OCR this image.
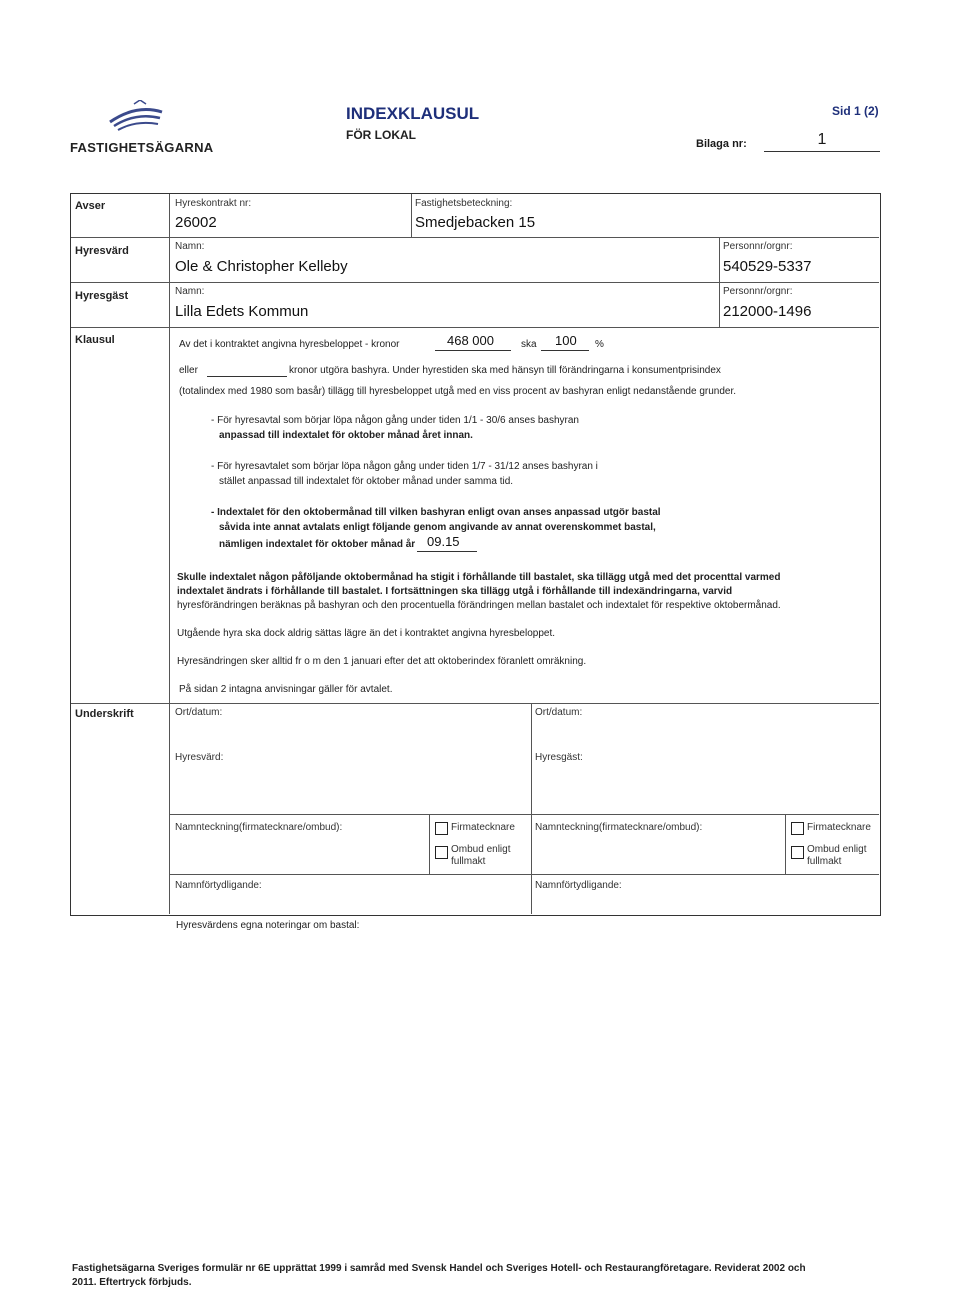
FASTIGHETSÄGARNA
INDEXKLAUSUL
FÖR LOKAL
Sid 1 (2)
Bilaga nr:	1
Avser	Hyreskontrakt nr:
26002
Fastighetsbeteckning:
Smedjebacken 15
Hyresvärd	Namn:
Ole & Christopher Kelleby
Personnr/orgnr:
540529-5337
Hyresgäst	Namn:
Lilla Edets Kommun
Personnr/orgnr:
212000-1496
Klausul	Av det i kontraktet angivna hyresbeloppet - kronor	468 000	ska 100 %
eller	kronor utgöra bashyra. Under hyrestiden ska med hänsyn till förändringarna i konsumentprisindex
(totalindex med 1980 som basår) tillägg till hyresbeloppet utgå med en viss procent av bashyran enligt nedanstående grunder.
- För hyresavtal som börjar löpa någon gång under tiden 1/1 - 30/6 anses bashyran
anpassad till indextalet för oktober månad året innan.
- För hyresavtalet som börjar löpa någon gång under tiden 1/7 - 31/12 anses bashyran i
stället anpassad till indextalet för oktober månad under samma tid.
- Indextalet för den oktobermånad till vilken bashyran enligt ovan anses anpassad utgör bastal
såvida inte annat avtalats enligt följande genom angivande av annat overenskommet bastal,
nämligen indextalet för oktober månad år 09.15
Skulle indextalet någon påföljande oktobermånad ha stigit i förhållande till bastalet, ska tillägg utgå med det procenttal varmed
indextalet ändrats i förhållande till bastalet. I fortsättningen ska tillägg utgå i förhållande till indexändringarna, varvid
hyresförändringen beräknas på bashyran och den procentuella förändringen mellan bastalet och indextalet för respektive oktobermånad.
Utgående hyra ska dock aldrig sättas lägre än det i kontraktet angivna hyresbeloppet.
Hyresändringen sker alltid fr o m den 1 januari efter det att oktoberindex föranlett omräkning.
På sidan 2 intagna anvisningar gäller för avtalet.
Underskrift	Ort/datum:	Ort/datum:
Hyresvärd:	Hyresgäst:
Namnteckning(firmatecknare/ombud):	Firmatecknare
Ombud enligt fullmakt
Namnteckning(firmatecknare/ombud):	Firmatecknare
Ombud enligt fullmakt
Namnförtydligande:	Namnförtydligande:
Hyresvärdens egna noteringar om bastal:
Fastighetsägarna Sveriges formulär nr 6E upprättat 1999 i samråd med Svensk Handel och Sveriges Hotell- och Restaurangföretagare. Reviderat 2002 och
2011. Eftertryck förbjuds.
